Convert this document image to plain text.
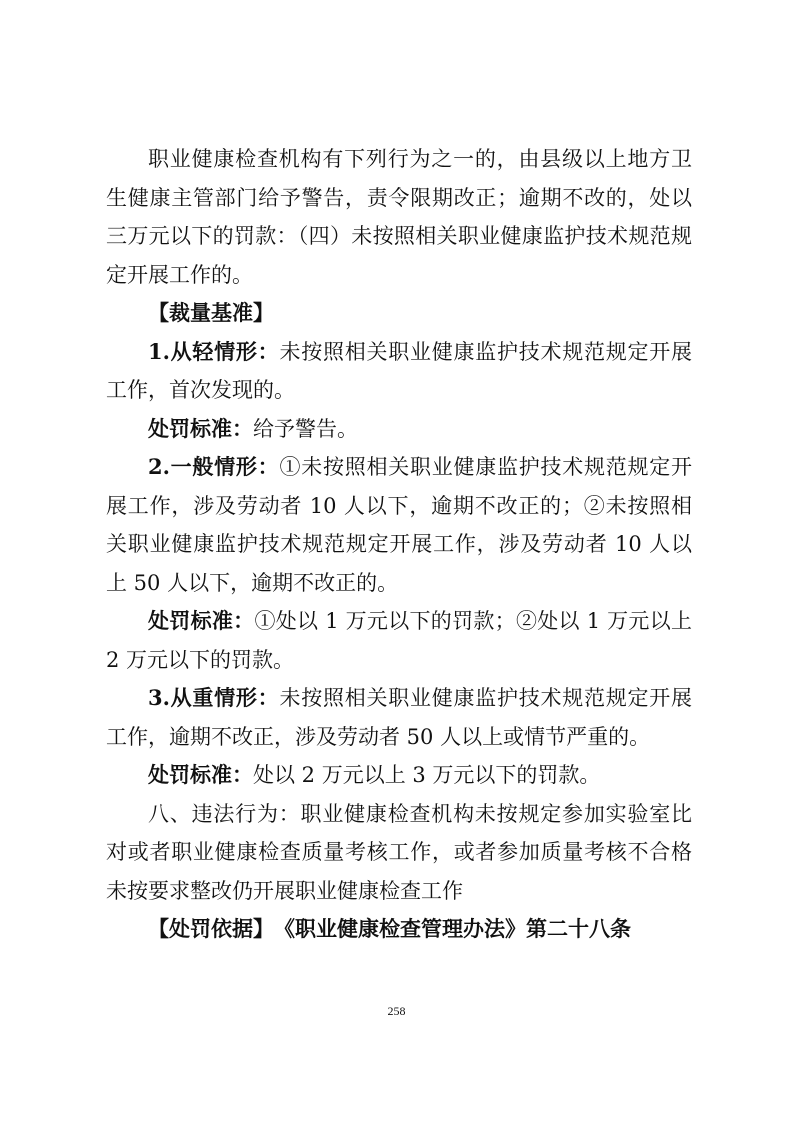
职业健康检查机构有下列行为之一的，由县级以上地方卫生健康主管部门给予警告，责令限期改正；逾期不改的，处以三万元以下的罚款：（四）未按照相关职业健康监护技术规范规定开展工作的。

【裁量基准】

1.从轻情形：未按照相关职业健康监护技术规范规定开展工作，首次发现的。

处罚标准：给予警告。

2.一般情形：①未按照相关职业健康监护技术规范规定开展工作，涉及劳动者 10 人以下，逾期不改正的；②未按照相关职业健康监护技术规范规定开展工作，涉及劳动者 10 人以上 50 人以下，逾期不改正的。

处罚标准：①处以 1 万元以下的罚款；②处以 1 万元以上 2 万元以下的罚款。

3.从重情形：未按照相关职业健康监护技术规范规定开展工作，逾期不改正，涉及劳动者 50 人以上或情节严重的。

处罚标准：处以 2 万元以上 3 万元以下的罚款。

八、违法行为：职业健康检查机构未按规定参加实验室比对或者职业健康检查质量考核工作，或者参加质量考核不合格未按要求整改仍开展职业健康检查工作

【处罚依据】　《职业健康检查管理办法》第二十八条

258
